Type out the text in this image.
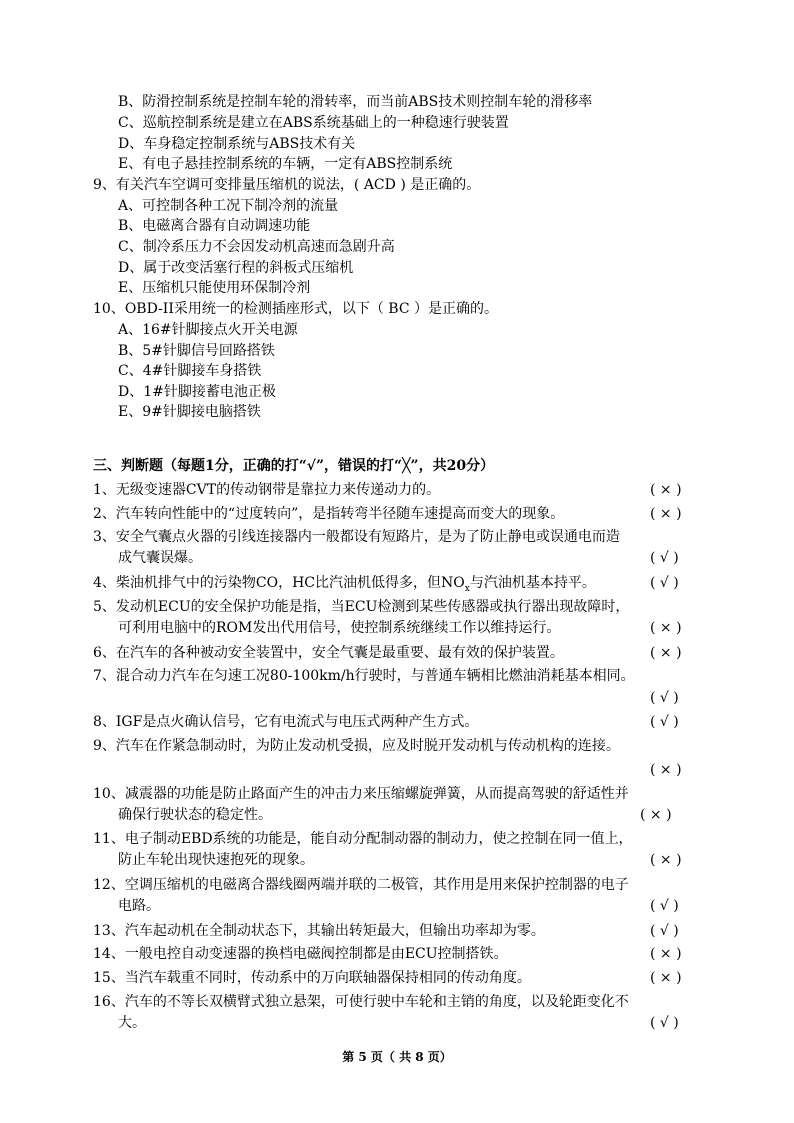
B、防滑控制系统是控制车轮的滑转率，而当前ABS技术则控制车轮的滑移率
C、巡航控制系统是建立在ABS系统基础上的一种稳速行驶装置
D、车身稳定控制系统与ABS技术有关
E、有电子悬挂控制系统的车辆，一定有ABS控制系统
9、有关汽车空调可变排量压缩机的说法，( ACD ) 是正确的。
A、可控制各种工况下制冷剂的流量
B、电磁离合器有自动调速功能
C、制冷系压力不会因发动机高速而急剧升高
D、属于改变活塞行程的斜板式压缩机
E、压缩机只能使用环保制冷剂
10、OBD-II采用统一的检测插座形式，以下（ BC ）是正确的。
A、16#针脚接点火开关电源
B、5#针脚信号回路搭铁
C、4#针脚接车身搭铁
D、1#针脚接蓄电池正极
E、9#针脚接电脑搭铁
三、判断题（每题1分，正确的打“√”，错误的打“╳”，共20分）
1、无级变速器CVT的传动钢带是靠拉力来传递动力的。	( × )
2、汽车转向性能中的“过度转向”，是指转弯半径随车速提高而变大的现象。	( × )
3、安全气囊点火器的引线连接器内一般都设有短路片，是为了防止静电或误通电而造
成气囊误爆。	( √ )
4、柴油机排气中的污染物CO，HC比汽油机低得多，但$NO_x$与汽油机基本持平。	( √ )
5、发动机ECU的安全保护功能是指，当ECU检测到某些传感器或执行器出现故障时，
可利用电脑中的ROM发出代用信号，使控制系统继续工作以维持运行。	( × )
6、在汽车的各种被动安全装置中，安全气囊是最重要、最有效的保护装置。	( × )
7、混合动力汽车在匀速工况80-100km/h行驶时，与普通车辆相比燃油消耗基本相同。
( √ )
8、IGF是点火确认信号，它有电流式与电压式两种产生方式。	( √ )
9、汽车在作紧急制动时，为防止发动机受损，应及时脱开发动机与传动机构的连接。
( × )
10、减震器的功能是防止路面产生的冲击力来压缩螺旋弹簧，从而提高驾驶的舒适性并
确保行驶状态的稳定性。	( × )
11、电子制动EBD系统的功能是，能自动分配制动器的制动力，使之控制在同一值上，
防止车轮出现快速抱死的现象。	( × )
12、空调压缩机的电磁离合器线圈两端并联的二极管，其作用是用来保护控制器的电子
电路。	( √ )
13、汽车起动机在全制动状态下，其输出转矩最大，但输出功率却为零。	( √ )
14、一般电控自动变速器的换档电磁阀控制都是由ECU控制搭铁。	( × )
15、当汽车载重不同时，传动系中的万向联轴器保持相同的传动角度。	( × )
16、汽车的不等长双横臂式独立悬架，可使行驶中车轮和主销的角度，以及轮距变化不
大。	( √ )
第 5 页（ 共 8 页）
